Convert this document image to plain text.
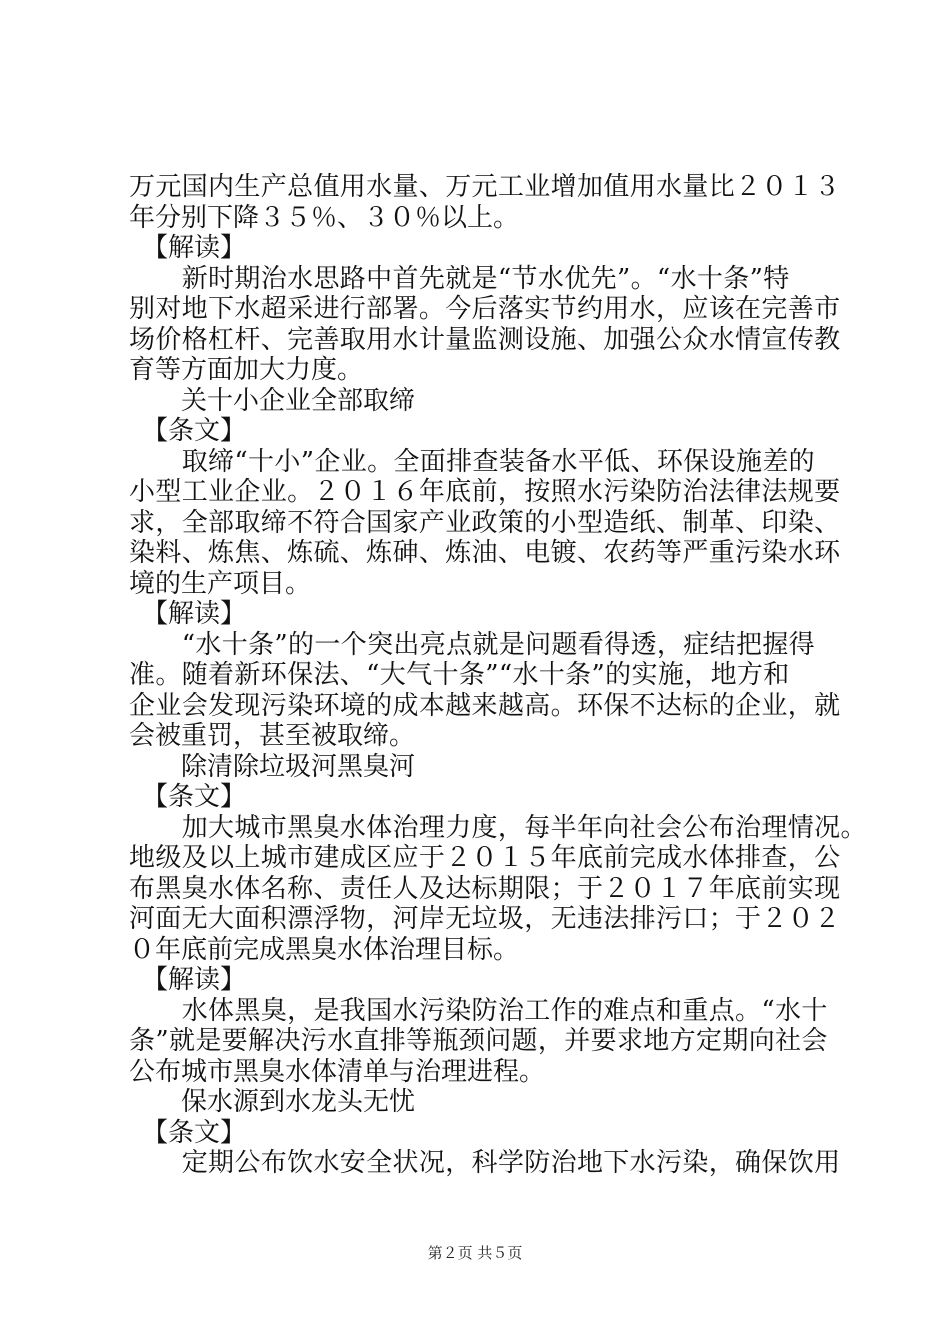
万元国内生产总值用水量、万元工业增加值用水量比２０１３

年分别下降３５％、３０％以上。

　【解读】

　　新时期治水思路中首先就是“节水优先”。“水十条”特

别对地下水超采进行部署。今后落实节约用水，应该在完善市

场价格杠杆、完善取用水计量监测设施、加强公众水情宣传教

育等方面加大力度。

　　关十小企业全部取缔

　【条文】

　　取缔“十小”企业。全面排查装备水平低、环保设施差的

小型工业企业。２０１６年底前，按照水污染防治法律法规要

求，全部取缔不符合国家产业政策的小型造纸、制革、印染、

染料、炼焦、炼硫、炼砷、炼油、电镀、农药等严重污染水环

境的生产项目。

　【解读】

　　“水十条”的一个突出亮点就是问题看得透，症结把握得

准。随着新环保法、“大气十条”“水十条”的实施，地方和

企业会发现污染环境的成本越来越高。环保不达标的企业，就

会被重罚，甚至被取缔。

　　除清除垃圾河黑臭河

　【条文】

　　加大城市黑臭水体治理力度，每半年向社会公布治理情况。

地级及以上城市建成区应于２０１５年底前完成水体排查，公

布黑臭水体名称、责任人及达标期限；于２０１７年底前实现

河面无大面积漂浮物，河岸无垃圾，无违法排污口；于２０２

０年底前完成黑臭水体治理目标。

　【解读】

　　水体黑臭，是我国水污染防治工作的难点和重点。“水十

条”就是要解决污水直排等瓶颈问题，并要求地方定期向社会

公布城市黑臭水体清单与治理进程。

　　保水源到水龙头无忧

　【条文】

　　定期公布饮水安全状况，科学防治地下水污染，确保饮用

第２页 共５页
